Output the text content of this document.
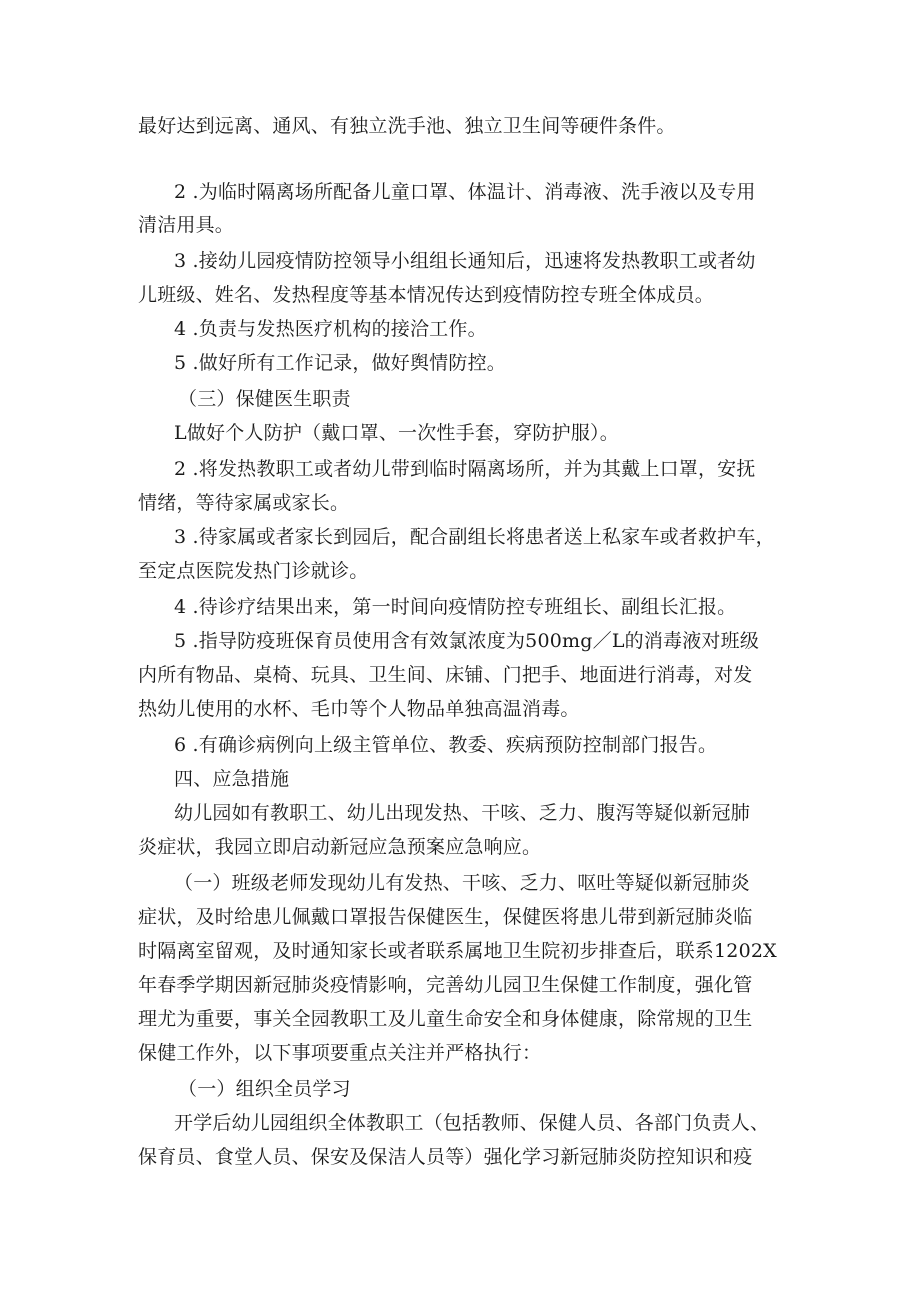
最好达到远离、通风、有独立洗手池、独立卫生间等硬件条件。
2 .为临时隔离场所配备儿童口罩、体温计、消毒液、洗手液以及专用
清洁用具。
3 .接幼儿园疫情防控领导小组组长通知后，迅速将发热教职工或者幼
儿班级、姓名、发热程度等基本情况传达到疫情防控专班全体成员。
4 .负责与发热医疗机构的接洽工作。
5 .做好所有工作记录，做好舆情防控。
（三）保健医生职责
L做好个人防护（戴口罩、一次性手套，穿防护服）。
2 .将发热教职工或者幼儿带到临时隔离场所，并为其戴上口罩，安抚
情绪，等待家属或家长。
3 .待家属或者家长到园后，配合副组长将患者送上私家车或者救护车，
至定点医院发热门诊就诊。
4 .待诊疗结果出来，第一时间向疫情防控专班组长、副组长汇报。
5 .指导防疫班保育员使用含有效氯浓度为500mg／L的消毒液对班级
内所有物品、桌椅、玩具、卫生间、床铺、门把手、地面进行消毒，对发
热幼儿使用的水杯、毛巾等个人物品单独高温消毒。
6 .有确诊病例向上级主管单位、教委、疾病预防控制部门报告。
四、应急措施
幼儿园如有教职工、幼儿出现发热、干咳、乏力、腹泻等疑似新冠肺
炎症状，我园立即启动新冠应急预案应急响应。
（一）班级老师发现幼儿有发热、干咳、乏力、呕吐等疑似新冠肺炎
症状，及时给患儿佩戴口罩报告保健医生，保健医将患儿带到新冠肺炎临
时隔离室留观，及时通知家长或者联系属地卫生院初步排查后，联系1202X
年春季学期因新冠肺炎疫情影响，完善幼儿园卫生保健工作制度，强化管
理尤为重要，事关全园教职工及儿童生命安全和身体健康，除常规的卫生
保健工作外，以下事项要重点关注并严格执行：
（一）组织全员学习
开学后幼儿园组织全体教职工（包括教师、保健人员、各部门负责人、
保育员、食堂人员、保安及保洁人员等）强化学习新冠肺炎防控知识和疫
